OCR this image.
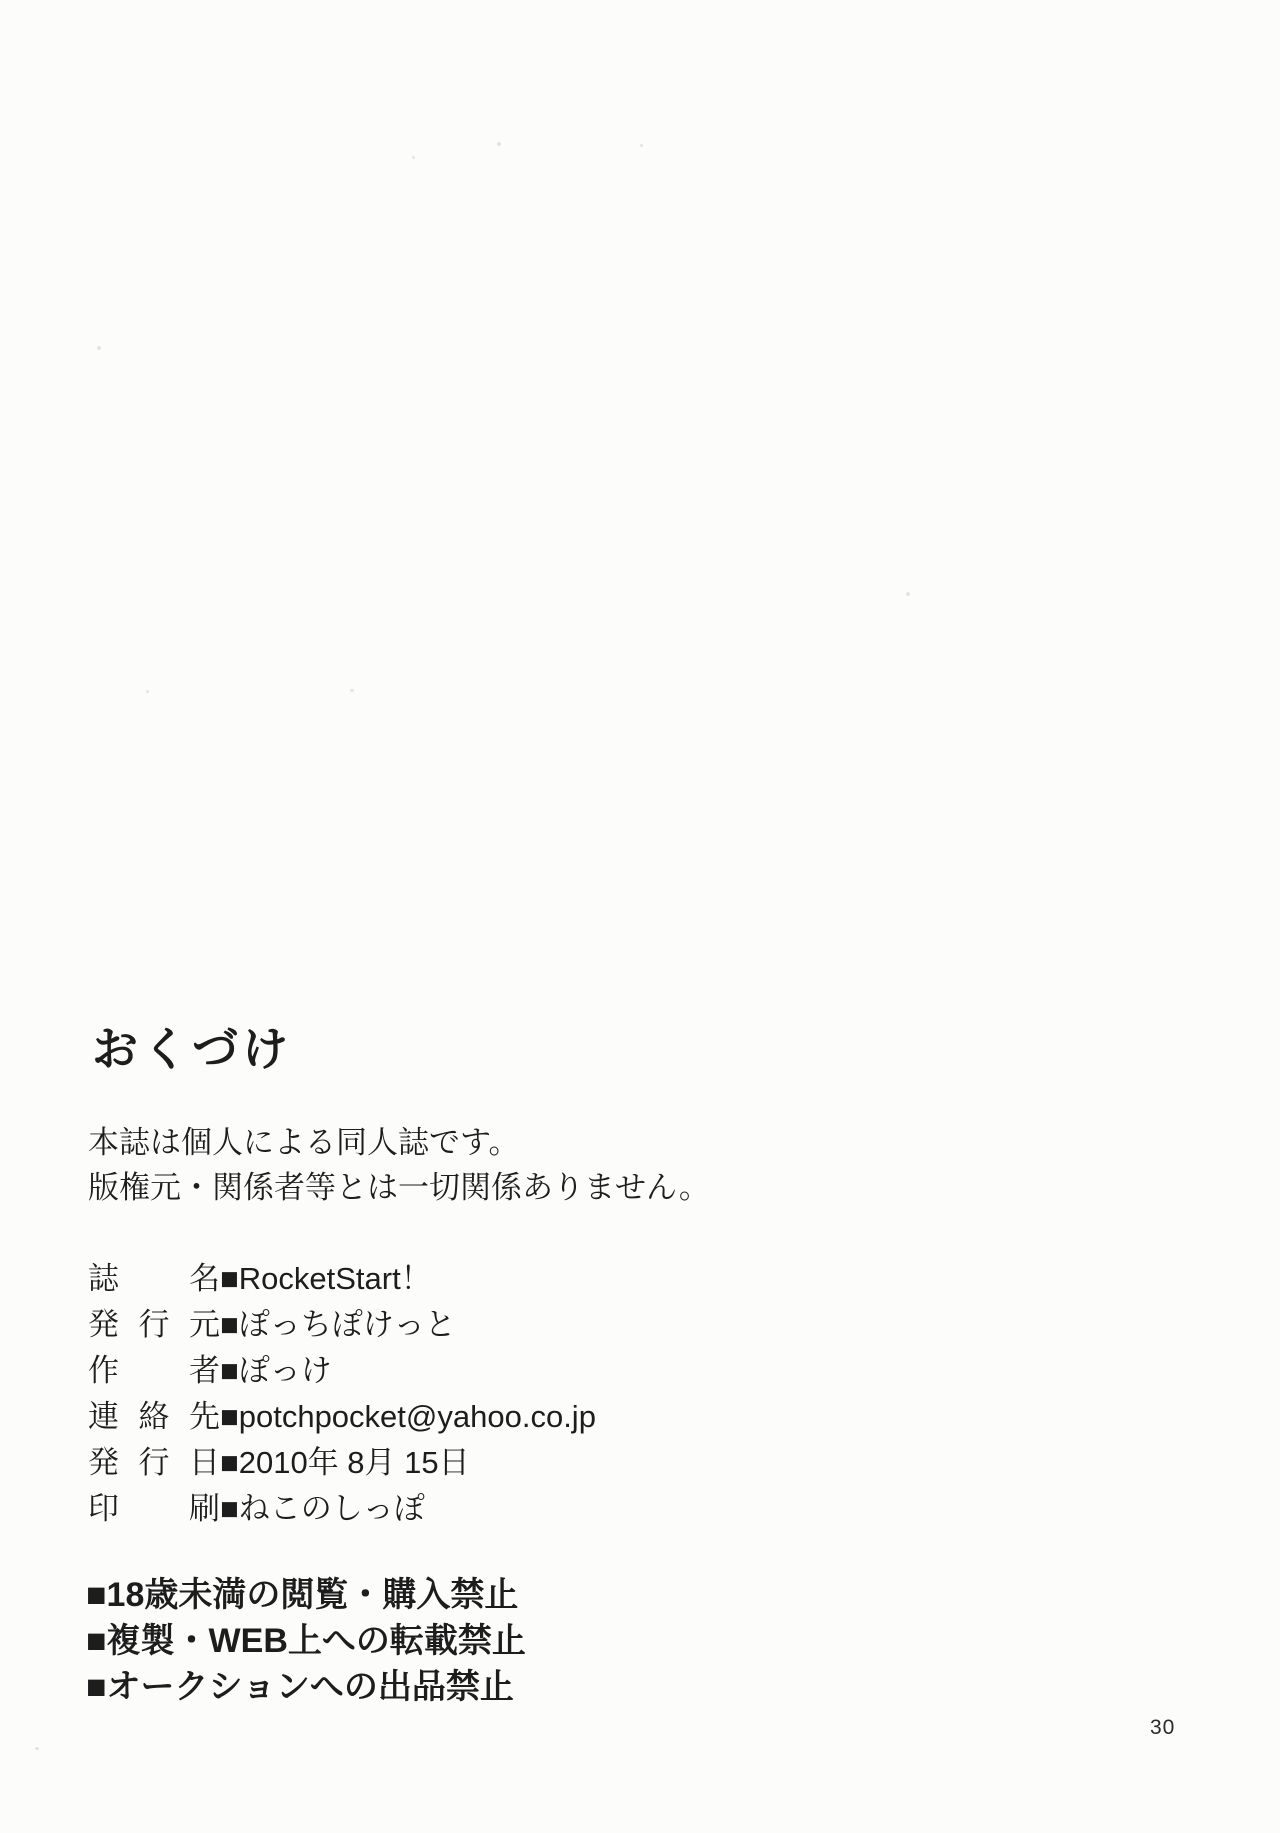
おくづけ
本誌は個人による同人誌です。
版権元・関係者等とは一切関係ありません。
誌　名■RocketStart！
発行元■ぽっちぽけっと
作　者■ぽっけ
連絡先■potchpocket@yahoo.co.jp
発行日■2010年 8月 15日
印　刷■ねこのしっぽ
■18歳未満の閲覧・購入禁止
■複製・WEB上への転載禁止
■オークションへの出品禁止
30
